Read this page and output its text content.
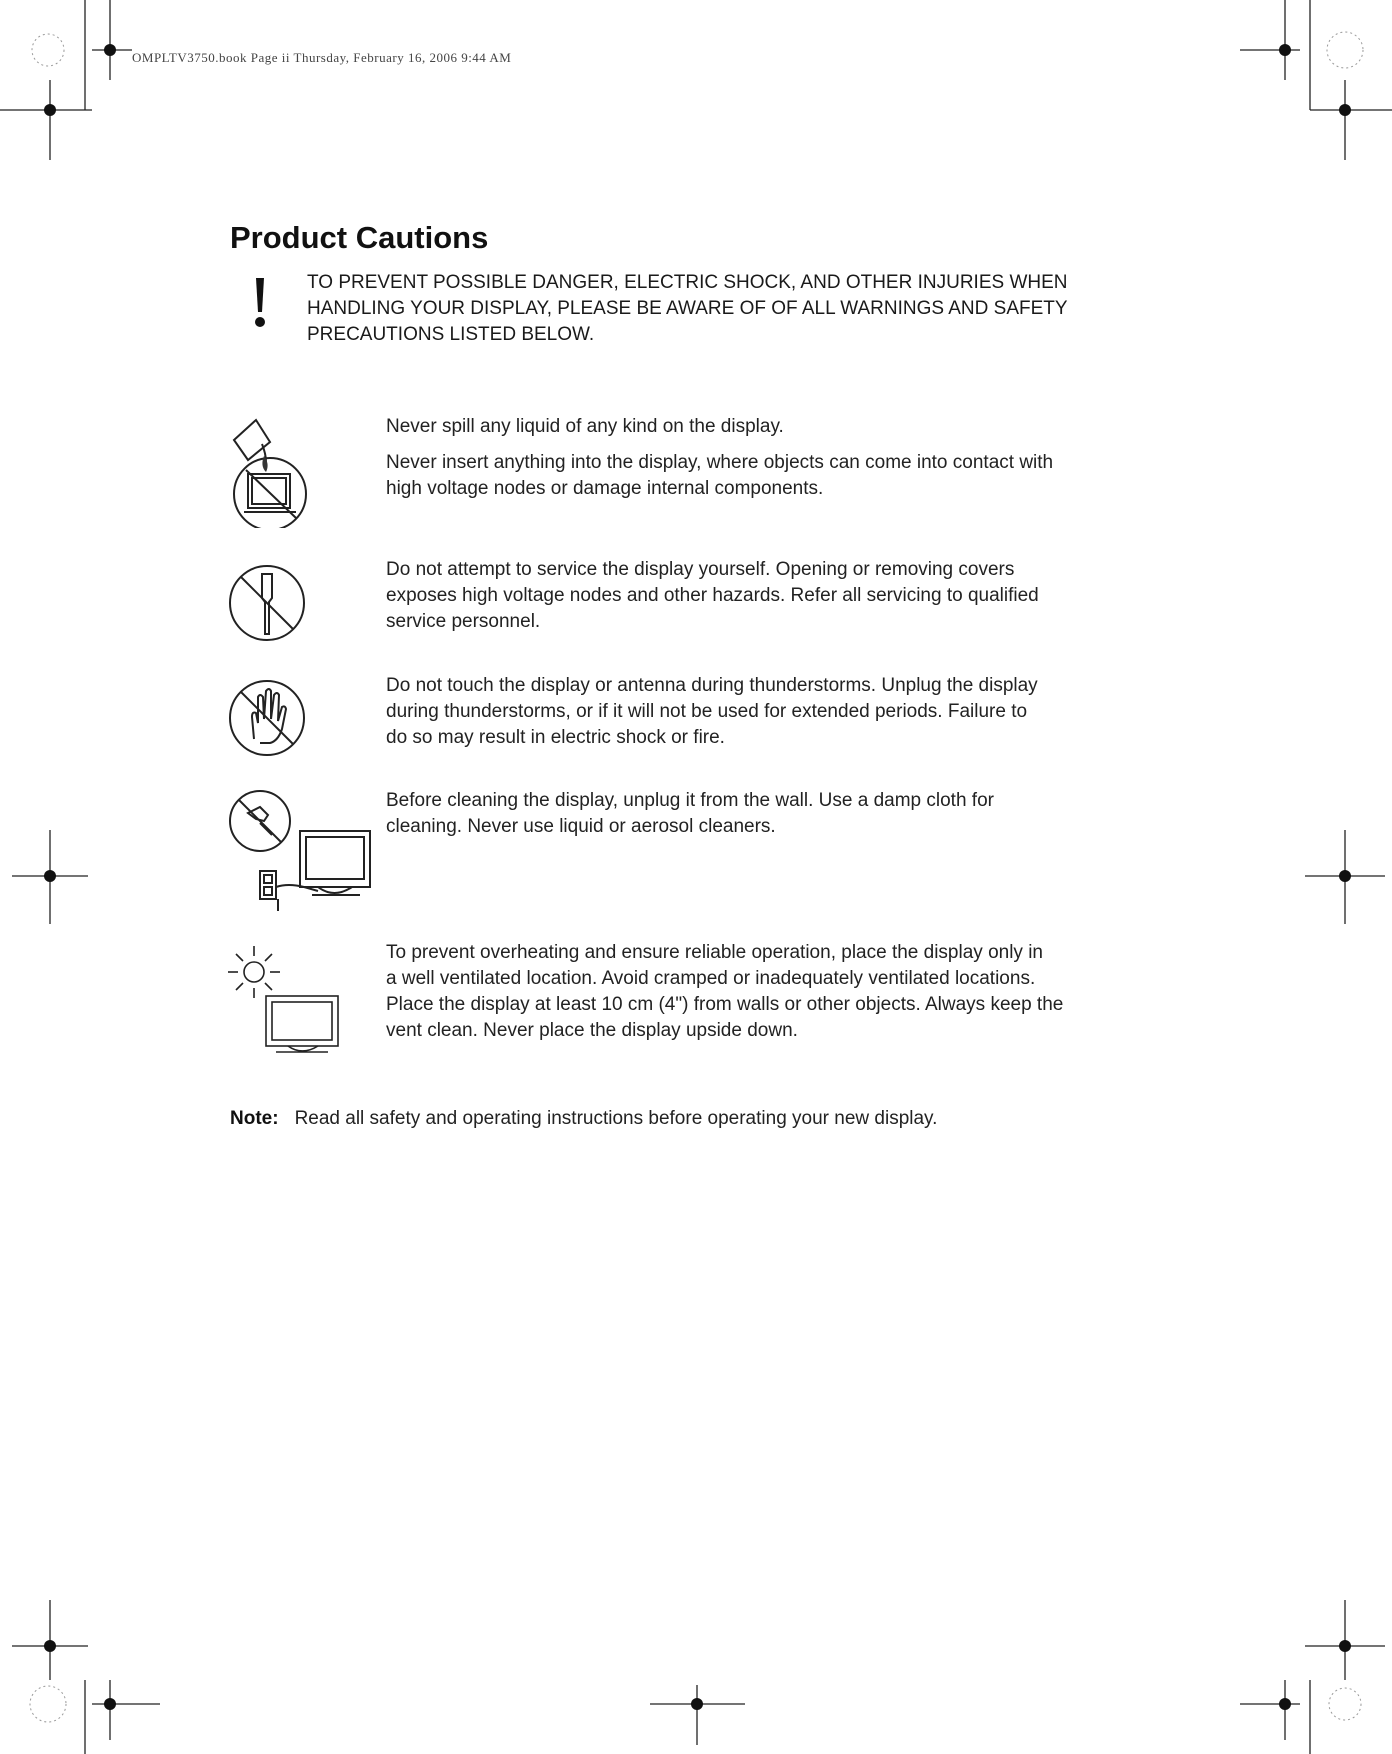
OMPLTV3750.book Page ii Thursday, February 16, 2006 9:44 AM
Product Cautions
TO PREVENT POSSIBLE DANGER, ELECTRIC SHOCK, AND OTHER INJURIES WHEN
HANDLING YOUR DISPLAY, PLEASE BE AWARE OF OF ALL WARNINGS AND SAFETY
PRECAUTIONS LISTED BELOW.

Never spill any liquid of any kind on the display.

Never insert anything into the display, where objects can come into contact with
high voltage nodes or damage internal components.

Do not attempt to service the display yourself. Opening or removing covers
exposes high voltage nodes and other hazards. Refer all servicing to qualified
service personnel.

Do not touch the display or antenna during thunderstorms. Unplug the display
during thunderstorms, or if it will not be used for extended periods. Failure to
do so may result in electric shock or fire.

Before cleaning the display, unplug it from the wall. Use a damp cloth for
cleaning. Never use liquid or aerosol cleaners.

To prevent overheating and ensure reliable operation, place the display only in
a well ventilated location. Avoid cramped or inadequately ventilated locations.
Place the display at least 10 cm (4") from walls or other objects. Always keep the
vent clean. Never place the display upside down.

Note: Read all safety and operating instructions before operating your new display.
